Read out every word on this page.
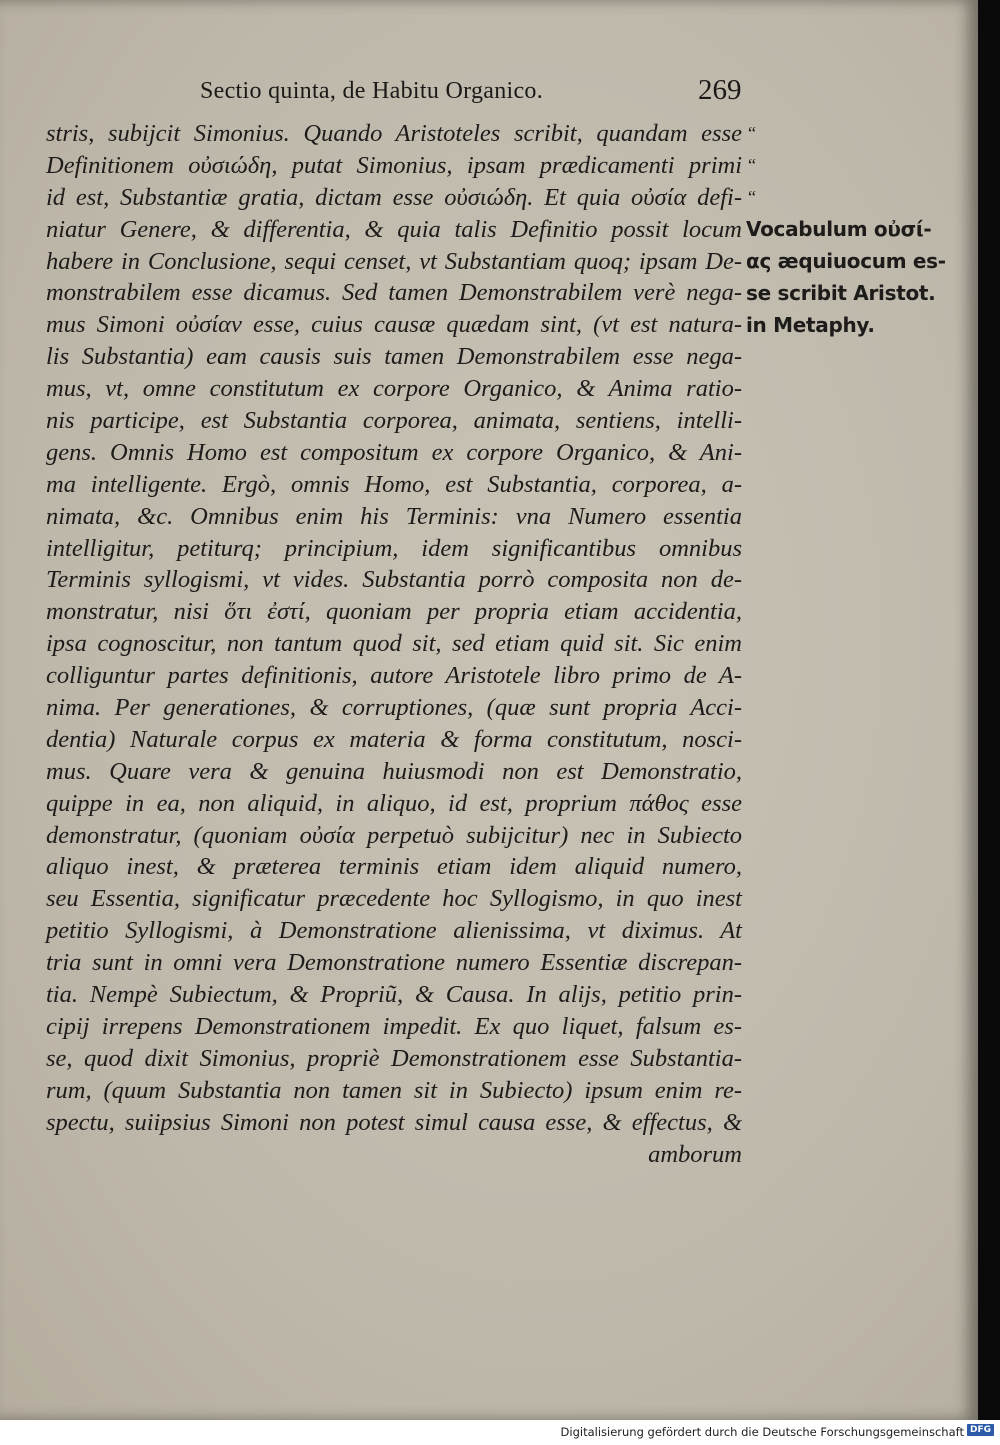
Sectio quinta, de Habitu Organico.	269
stris, subijcit Simonius. Quando Aristoteles scribit, quandam esse
Definitionem οὐσιώδη, putat Simonius, ipsam prædicamenti primi
id est, Substantiæ gratia, dictam esse οὐσιώδη. Et quia οὐσία defi-
niatur Genere, & differentia, & quia talis Definitio possit locum
habere in Conclusione, sequi censet, vt Substantiam quoq; ipsam De-
monstrabilem esse dicamus. Sed tamen Demonstrabilem verè nega-
mus Simoni οὐσίαν esse, cuius causæ quædam sint, (vt est natura-
lis Substantia) eam causis suis tamen Demonstrabilem esse nega-
mus, vt, omne constitutum ex corpore Organico, & Anima ratio-
nis participe, est Substantia corporea, animata, sentiens, intelli-
gens. Omnis Homo est compositum ex corpore Organico, & Ani-
ma intelligente. Ergò, omnis Homo, est Substantia, corporea, a-
nimata, &c. Omnibus enim his Terminis: vna Numero essentia
intelligitur, petiturq; principium, idem significantibus omnibus
Terminis syllogismi, vt vides. Substantia porrò composita non de-
monstratur, nisi ὅτι ἐστί, quoniam per propria etiam accidentia,
ipsa cognoscitur, non tantum quod sit, sed etiam quid sit. Sic enim
colliguntur partes definitionis, autore Aristotele libro primo de A-
nima. Per generationes, & corruptiones, (quæ sunt propria Acci-
dentia) Naturale corpus ex materia & forma constitutum, nosci-
mus. Quare vera & genuina huiusmodi non est Demonstratio,
quippe in ea, non aliquid, in aliquo, id est, proprium πάθος esse
demonstratur, (quoniam οὐσία perpetuò subijcitur) nec in Subiecto
aliquo inest, & præterea terminis etiam idem aliquid numero,
seu Essentia, significatur præcedente hoc Syllogismo, in quo inest
petitio Syllogismi, à Demonstratione alienissima, vt diximus. At
tria sunt in omni vera Demonstratione numero Essentiæ discrepan-
tia. Nempè Subiectum, & Propriũ, & Causa. In alijs, petitio prin-
cipij irrepens Demonstrationem impedit. Ex quo liquet, falsum es-
se, quod dixit Simonius, propriè Demonstrationem esse Substantia-
rum, (quum Substantia non tamen sit in Subiecto) ipsum enim re-
spectu, suiipsius Simoni non potest simul causa esse, & effectus, &
amborum
“
“
“
Vocabulum οὐσί-
ας æquiuocum es-
se scribit Aristot.
in Metaphy.
Digitalisierung gefördert durch die Deutsche Forschungsgemeinschaft DFG
